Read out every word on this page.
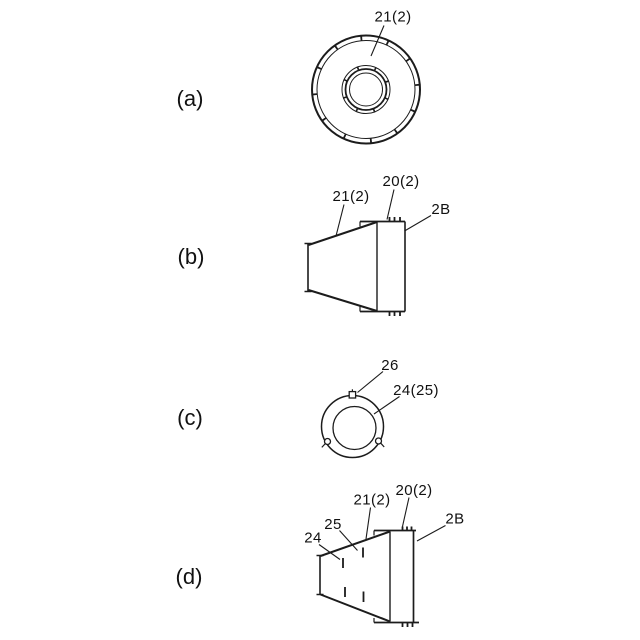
(a)
21(2)
(b)
21(2)
20(2)
2B
(c)
26
24(25)
(d)
24
25
21(2)
20(2)
2B
